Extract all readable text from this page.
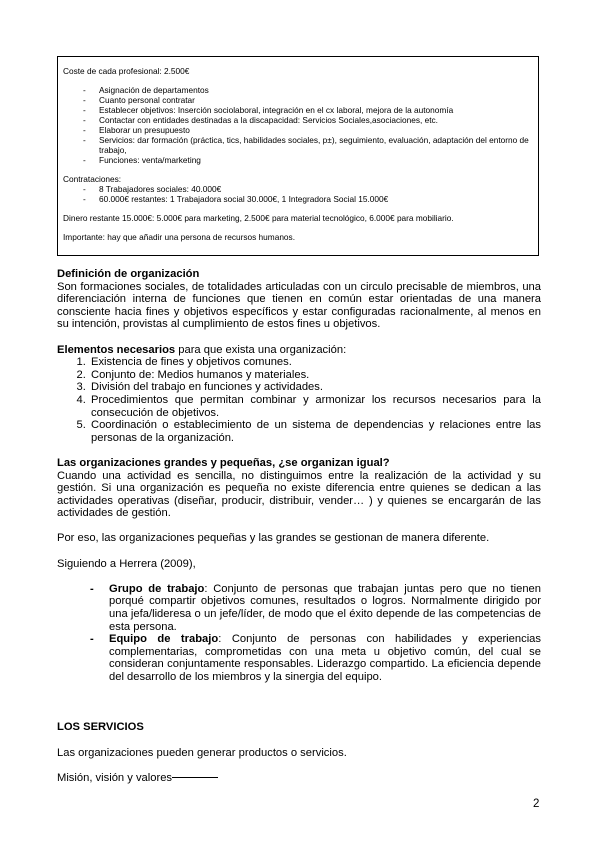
Coste de cada profesional: 2.500€

- Asignación de departamentos
- Cuanto personal contratar
- Establecer objetivos: Inserción sociolaboral, integración en el cx laboral, mejora de la autonomía
- Contactar con entidades destinadas a la discapacidad: Servicios Sociales,asociaciones, etc.
- Elaborar un presupuesto
- Servicios: dar formación (práctica, tics, habilidades sociales, p±), seguimiento, evaluación, adaptación del entorno de trabajo,
- Funciones: venta/marketing

Contrataciones:

- 8 Trabajadores sociales: 40.000€
- 60.000€ restantes: 1 Trabajadora social 30.000€, 1 Integradora Social 15.000€

Dinero restante 15.000€: 5.000€ para marketing, 2.500€ para material tecnológico, 6.000€ para mobiliario.

Importante: hay que añadir una persona de recursos humanos.

Definición de organización

Son formaciones sociales, de totalidades articuladas con un circulo precisable de miembros, una diferenciación interna de funciones que tienen en común estar orientadas de una manera consciente hacia fines y objetivos específicos y estar configuradas racionalmente, al menos en su intención, provistas al cumplimiento de estos fines u objetivos.

Elementos necesarios para que exista una organización:

1. Existencia de fines y objetivos comunes.
2. Conjunto de: Medios humanos y materiales.
3. División del trabajo en funciones y actividades.
4. Procedimientos que permitan combinar y armonizar los recursos necesarios para la consecución de objetivos.
5. Coordinación o establecimiento de un sistema de dependencias y relaciones entre las personas de la organización.

Las organizaciones grandes y pequeñas, ¿se organizan igual?

Cuando una actividad es sencilla, no distinguimos entre la realización de la actividad y su gestión. Si una organización es pequeña no existe diferencia entre quienes se dedican a las actividades operativas (diseñar, producir, distribuir, vender… ) y quienes se encargarán de las actividades de gestión.

Por eso, las organizaciones pequeñas y las grandes se gestionan de manera diferente.

Siguiendo a Herrera (2009),

- Grupo de trabajo: Conjunto de personas que trabajan juntas pero que no tienen porqué compartir objetivos comunes, resultados o logros. Normalmente dirigido por una jefa/lideresa o un jefe/líder, de modo que el éxito depende de las competencias de esta persona.
- Equipo de trabajo: Conjunto de personas con habilidades y experiencias complementarias, comprometidas con una meta u objetivo común, del cual se consideran conjuntamente responsables. Liderazgo compartido. La eficiencia depende del desarrollo de los miembros y la sinergia del equipo.

LOS SERVICIOS

Las organizaciones pueden generar productos o servicios.

Misión, visión y valores

2
